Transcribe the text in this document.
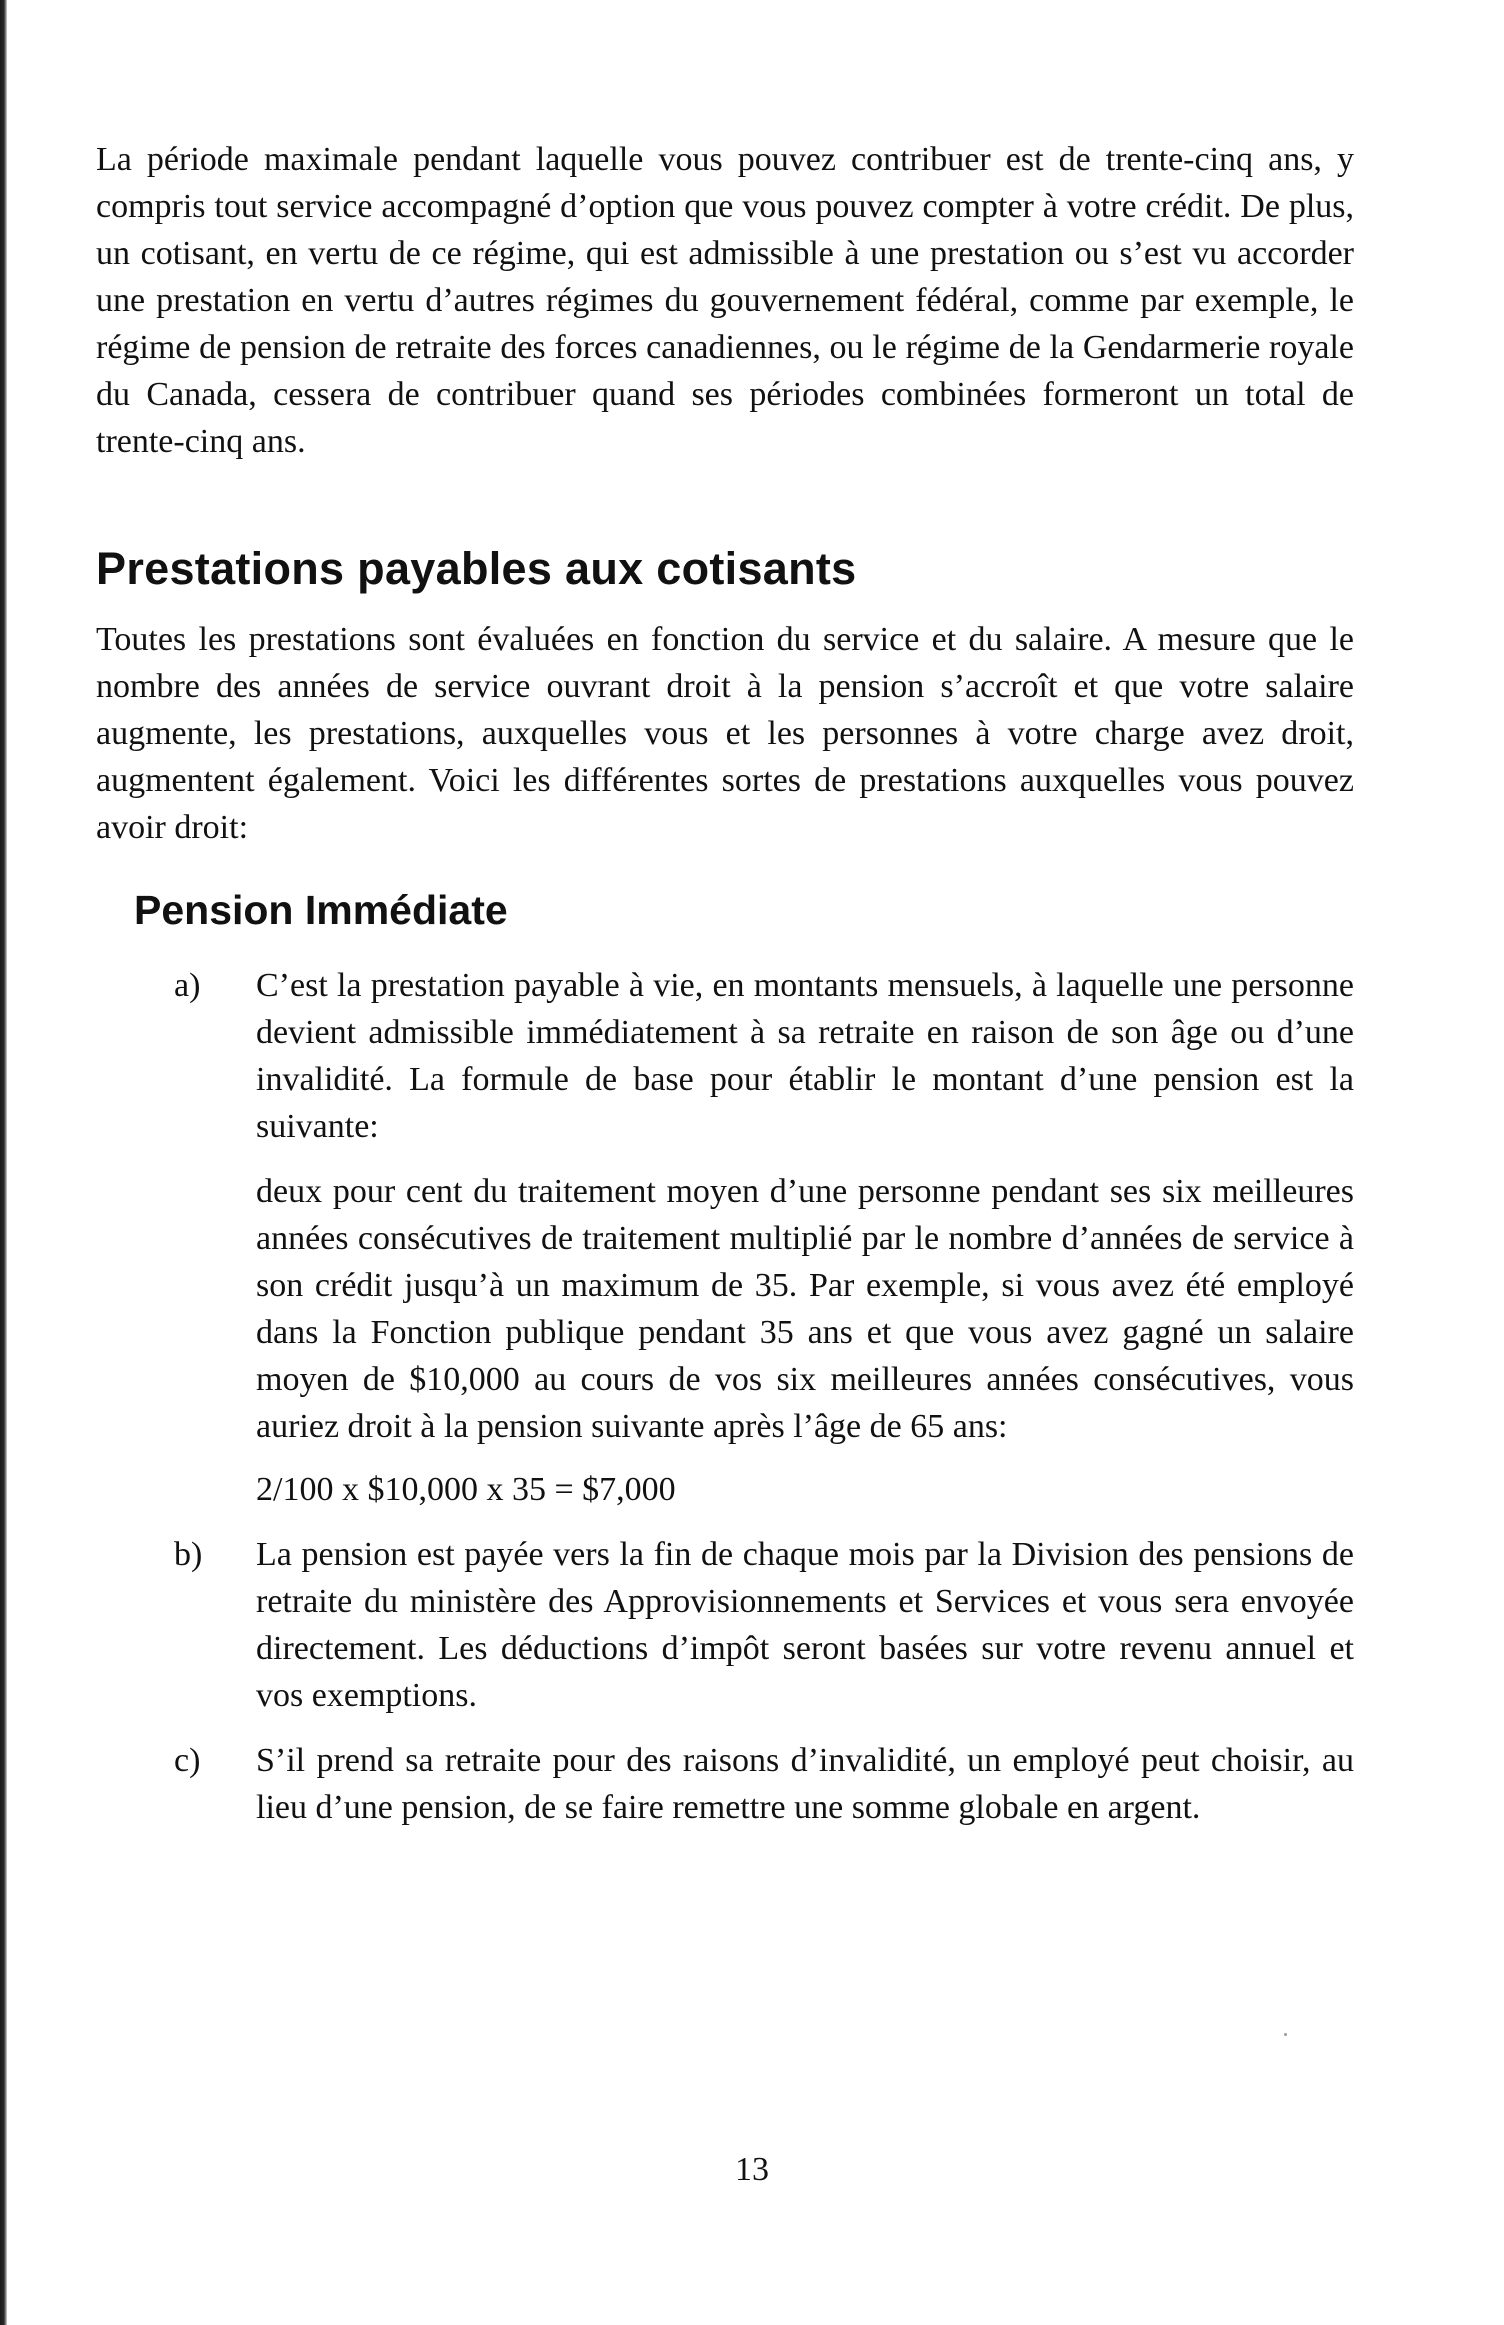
La période maximale pendant laquelle vous pouvez contribuer est de trente-cinq ans, y compris tout service accompagné d’option que vous pouvez compter à votre crédit. De plus, un cotisant, en vertu de ce régime, qui est admissible à une prestation ou s’est vu accorder une prestation en vertu d’autres régimes du gouvernement fédéral, comme par exemple, le régime de pension de retraite des forces canadiennes, ou le régime de la Gendarmerie royale du Canada, cessera de contribuer quand ses périodes combinées formeront un total de trente-cinq ans.

Prestations payables aux cotisants

Toutes les prestations sont évaluées en fonction du service et du salaire. A mesure que le nombre des années de service ouvrant droit à la pension s’accroît et que votre salaire augmente, les prestations, auxquelles vous et les personnes à votre charge avez droit, augmentent également. Voici les différentes sortes de prestations auxquelles vous pouvez avoir droit:

Pension Immédiate
a) C’est la prestation payable à vie, en montants mensuels, à laquelle une personne devient admissible immédiatement à sa retraite en raison de son âge ou d’une invalidité. La formule de base pour établir le montant d’une pension est la suivante:

deux pour cent du traitement moyen d’une personne pendant ses six meilleures années consécutives de traitement multiplié par le nombre d’années de service à son crédit jusqu’à un maximum de 35. Par exemple, si vous avez été employé dans la Fonction publique pendant 35 ans et que vous avez gagné un salaire moyen de $10,000 au cours de vos six meilleures années consécutives, vous auriez droit à la pension suivante après l’âge de 65 ans:

2/100 x $10,000 x 35 = $7,000

b) La pension est payée vers la fin de chaque mois par la Division des pensions de retraite du ministère des Approvisionnements et Services et vous sera envoyée directement. Les déductions d’impôt seront basées sur votre revenu annuel et vos exemptions.

c) S’il prend sa retraite pour des raisons d’invalidité, un employé peut choisir, au lieu d’une pension, de se faire remettre une somme globale en argent.

13
